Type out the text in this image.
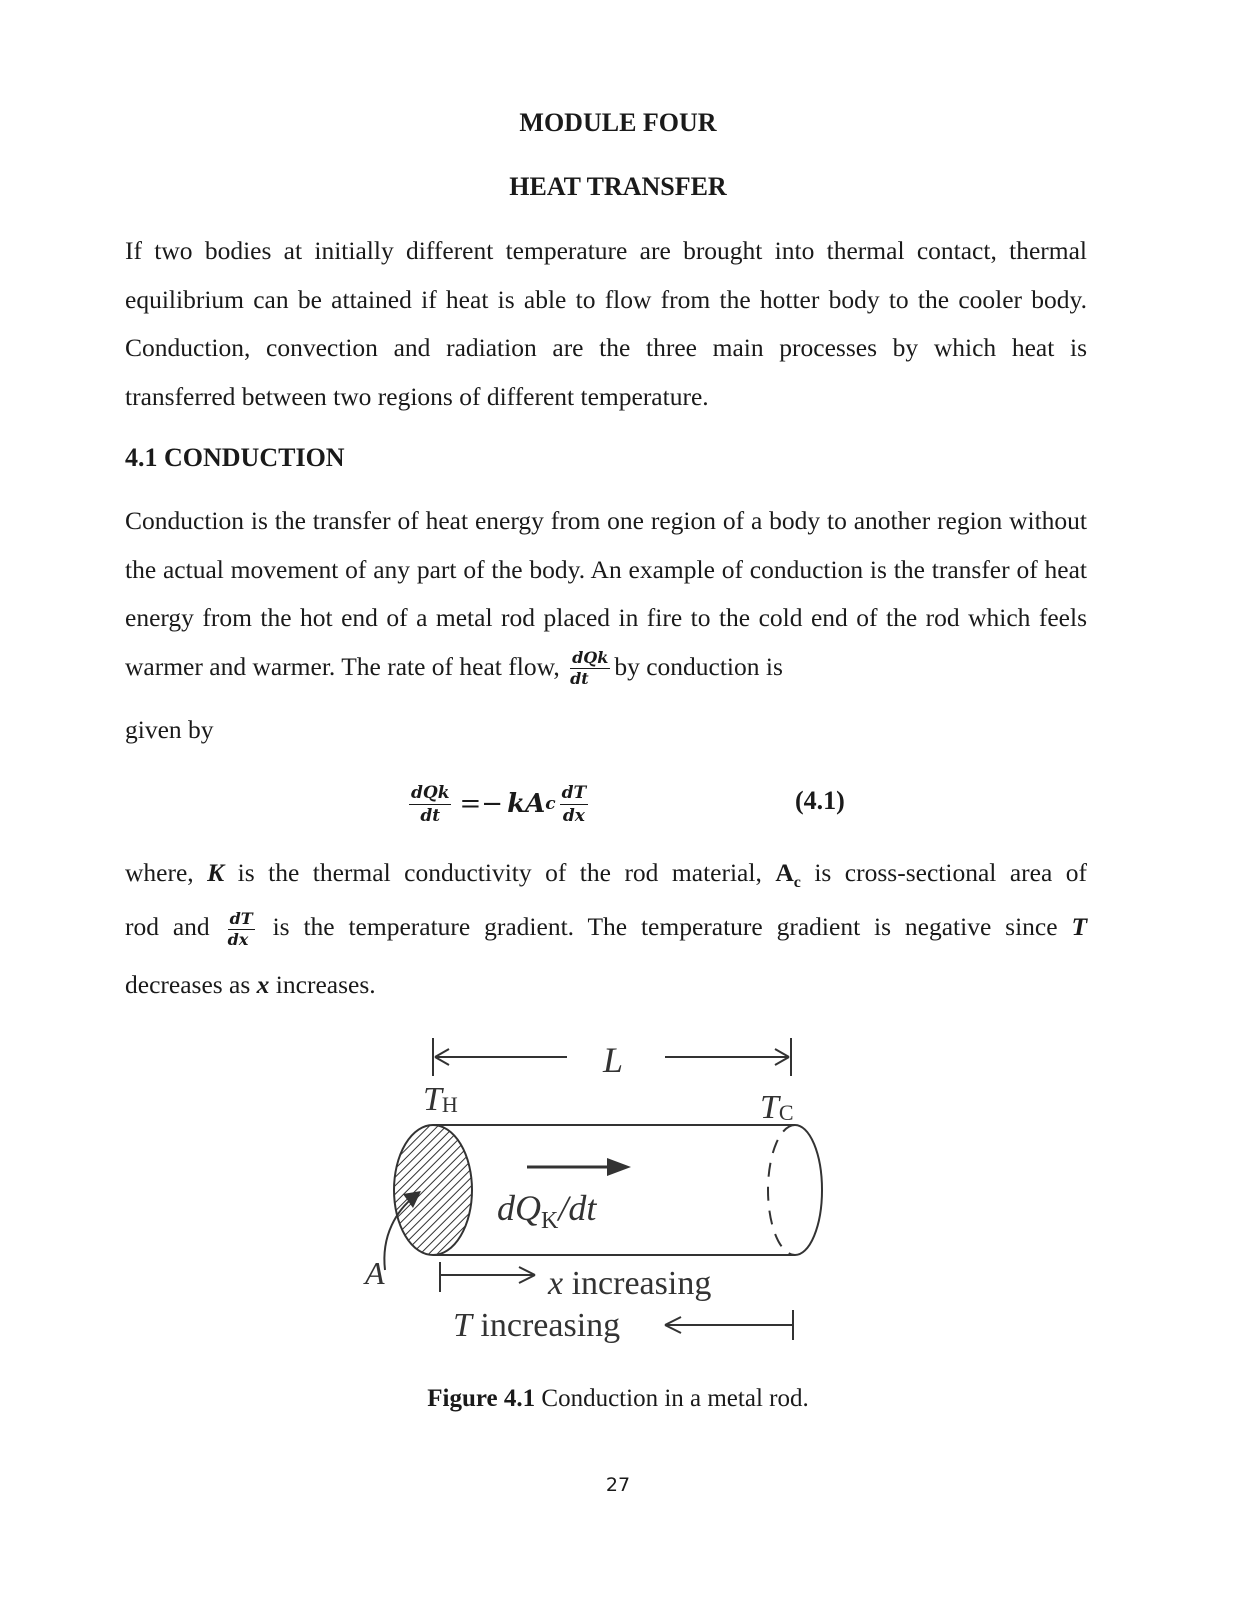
MODULE FOUR
HEAT TRANSFER
If two bodies at initially different temperature are brought into thermal contact, thermal equilibrium can be attained if heat is able to flow from the hotter body to the cooler body. Conduction, convection and radiation are the three main processes by which heat is transferred between two regions of different temperature.
4.1 CONDUCTION
Conduction is the transfer of heat energy from one region of a body to another region without the actual movement of any part of the body. An example of conduction is the transfer of heat energy from the hot end of a metal rod placed in fire to the cold end of the rod which feels warmer and warmer. The rate of heat flow, $\frac{\text{dQk}}{dt}$ by conduction is
given by
$\frac{\text{dQk}}{dt}$ =− kA c $\frac{dT}{dx}$	(4.1)
where, K is the thermal conductivity of the rod material, $A_c$ is cross-sectional area of
rod and $\frac{dT}{dx}$ is the temperature gradient. The temperature gradient is negative since T
decreases as x increases.
L
TH	TC
$dQ_K/dt$
A	x increasing
T increasing
Figure 4.1 Conduction in a metal rod.
27
